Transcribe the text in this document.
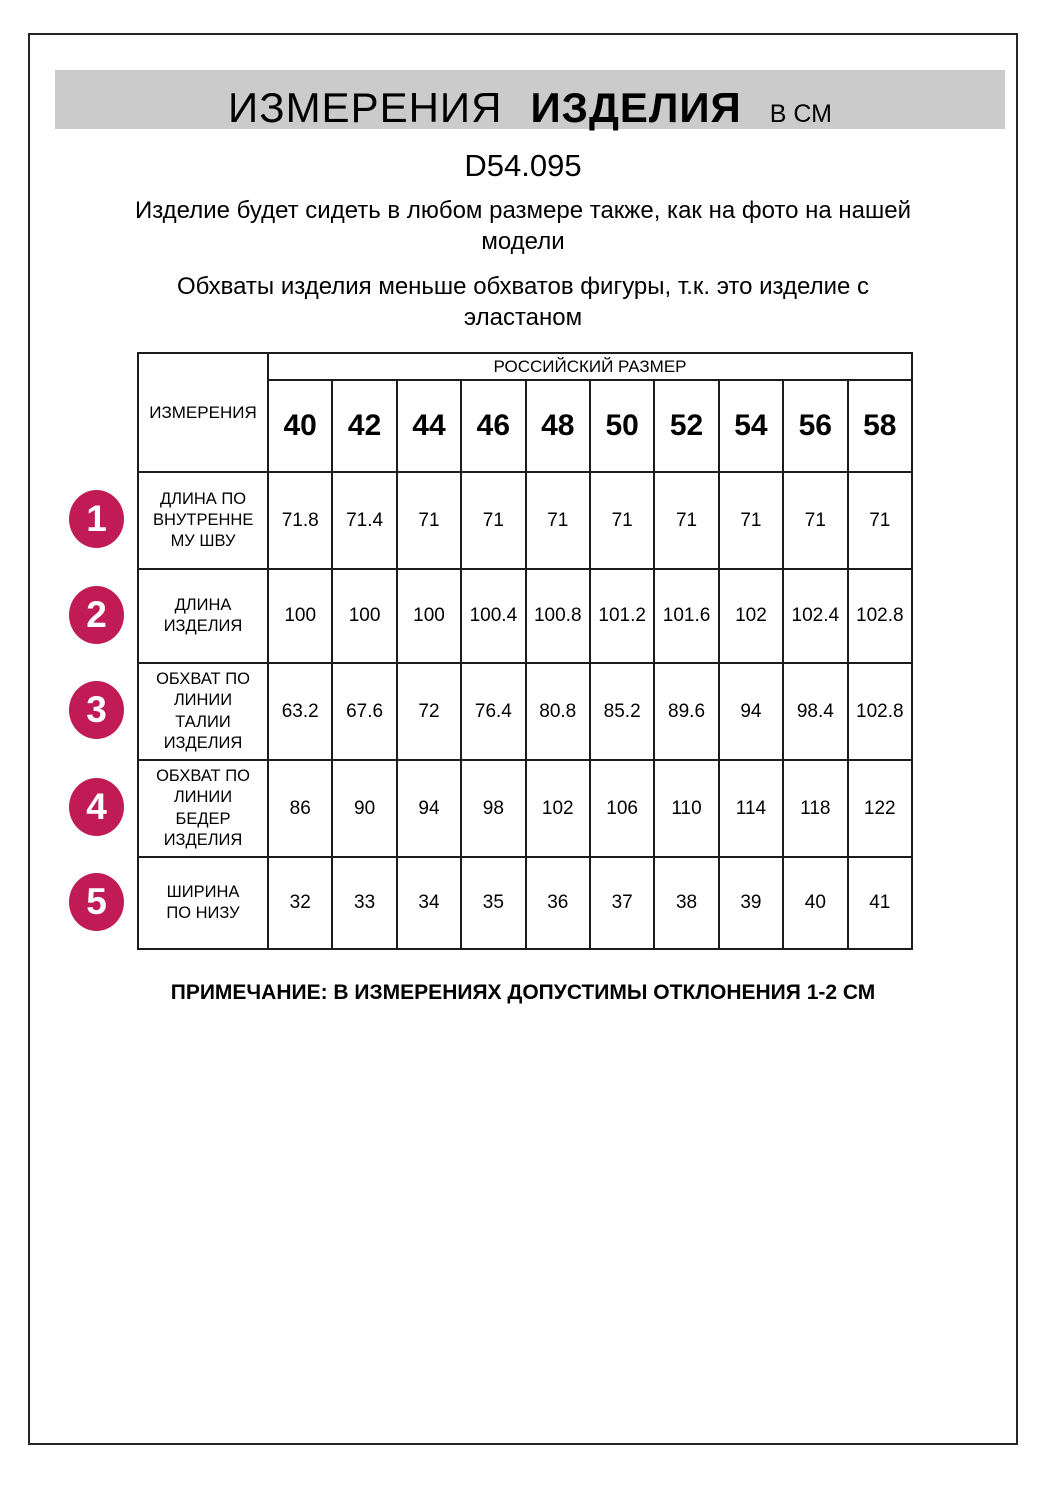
ИЗМЕРЕНИЯ ИЗДЕЛИЯ В СМ
D54.095
Изделие будет сидеть в любом размере также, как на фото на нашей модели
Обхваты изделия меньше обхватов фигуры, т.к. это изделие с эластаном
ИЗМЕРЕНИЯ	РОССИЙСКИЙ РАЗМЕР									
	40	42	44	46	48	50	52	54	56	58

ДЛИНА ПО ВНУТРЕННЕ МУ ШВУ	71.8	71.4	71	71	71	71	71	71	71	71

ДЛИНА ИЗДЕЛИЯ	100	100	100	100.4	100.8	101.2	101.6	102	102.4	102.8

ОБХВАТ ПО ЛИНИИ ТАЛИИ ИЗДЕЛИЯ	63.2	67.6	72	76.4	80.8	85.2	89.6	94	98.4	102.8

ОБХВАТ ПО ЛИНИИ БЕДЕР ИЗДЕЛИЯ	86	90	94	98	102	106	110	114	118	122

ШИРИНА ПО НИЗУ	32	33	34	35	36	37	38	39	40	41
1
2
3
4
5
ПРИМЕЧАНИЕ: В ИЗМЕРЕНИЯХ ДОПУСТИМЫ ОТКЛОНЕНИЯ 1-2 СМ
